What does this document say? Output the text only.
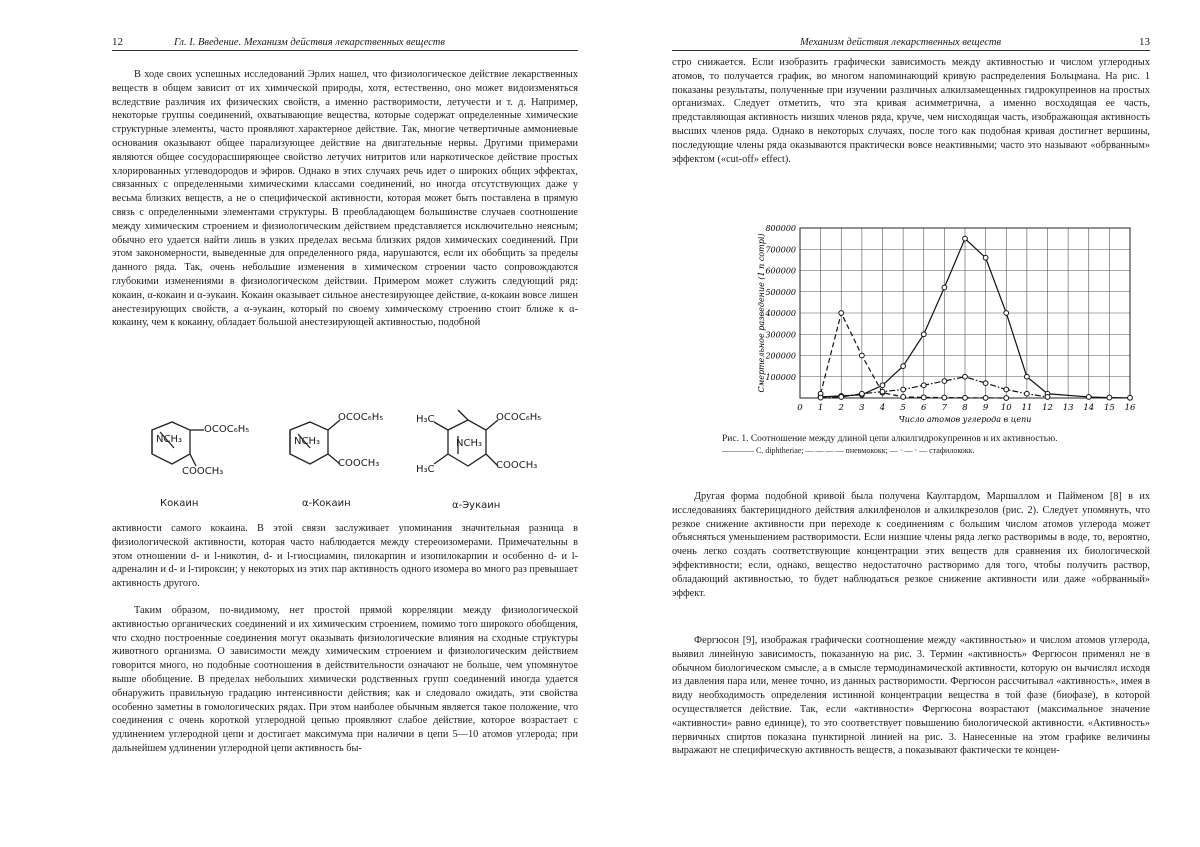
12	Гл. I. Введение. Механизм действия лекарственных веществ

В ходе своих успешных исследований Эрлих нашел, что физиологическое действие лекарственных веществ в общем зависит от их химической природы, хотя, естественно, оно может видоизменяться вследствие различия их физических свойств, а именно растворимости, летучести и т. д. Например, некоторые группы соединений, охватывающие вещества, которые содержат определенные химические структурные элементы, часто проявляют характерное действие. Так, многие четвертичные аммониевые основания оказывают общее парализующее действие на двигательные нервы. Другими примерами являются общее сосудорасширяющее свойство летучих нитритов или наркотическое действие простых хлорированных углеводородов и эфиров. Однако в этих случаях речь идет о широких общих эффектах, связанных с определенными химическими классами соединений, но иногда отсутствующих даже у весьма близких веществ, а не о специфической активности, которая может быть поставлена в прямую связь с определенными элементами структуры. В преобладающем большинстве случаев соотношение между химическим строением и физиологическим действием представляется исключительно неясным; обычно его удается найти лишь в узких пределах весьма близких рядов химических соединений. При этом закономерности, выведенные для определенного ряда, нарушаются, если их обобщить за пределы данного ряда. Так, очень небольшие изменения в химическом строении часто сопровождаются глубокими изменениями в физиологическом действии. Примером может служить следующий ряд: кокаин, α-кокаин и α-эукаин. Кокаин оказывает сильное анестезирующее действие, α-кокаин вовсе лишен анестезирующих свойств, а α-эукаин, который по своему химическому строению стоит ближе к α-кокаину, чем к кокаину, обладает большой анестезирующей активностью, подобной

NCH₃
OCOC₆H₅
COOCH₃
Кокаин
NCH₃
OCOC₆H₅
COOCH₃
α-Кокаин
H₃C
H₃C
NCH₃
OCOC₆H₅
COOCH₃
α-Эукаин

активности самого кокаина. В этой связи заслуживает упоминания значительная разница в физиологической активности, которая часто наблюдается между стереоизомерами. Примечательны в этом отношении d- и l-никотин, d- и l-гиосциамин, пилокарпин и изопилокарпин и особенно d- и l-адреналин и d- и l-тироксин; у некоторых из этих пар активность одного изомера во много раз превышает активность другого.

Таким образом, по-видимому, нет простой прямой корреляции между физиологической активностью органических соединений и их химическим строением, помимо того широкого обобщения, что сходно построенные соединения могут оказывать физиологические влияния на сходные структуры животного организма. О зависимости между химическим строением и физиологическим действием говорится много, но подобные соотношения в действительности означают не больше, чем упомянутое выше обобщение. В пределах небольших химически родственных групп соединений иногда удается обнаружить правильную градацию интенсивности действия; как и следовало ожидать, эти свойства особенно заметны в гомологических рядах. При этом наиболее обычным является такое положение, что соединения с очень короткой углеродной цепью проявляют слабое действие, которое возрастает с удлинением углеродной цепи и достигает максимума при наличии в цепи 5—10 атомов углерода; при дальнейшем удлинении углеродной цепи активность бы-

Механизм действия лекарственных веществ	13

стро снижается. Если изобразить графически зависимость между активностью и числом углеродных атомов, то получается график, во многом напоминающий кривую распределения Больцмана. На рис. 1 показаны результаты, полученные при изучении различных алкилзамещенных гидрокупреинов на простых организмах. Следует отметить, что эта кривая асимметрична, а именно восходящая ее часть, представляющая активность низших членов ряда, круче, чем нисходящая часть, изображающая активность высших членов ряда. Однако в некоторых случаях, после того как подобная кривая достигнет вершины, последующие члены ряда оказываются практически вовсе неактивными; часто это называют «обрванным» эффектом («cut-off» effect).

100000
200000
300000
400000
500000
600000
700000
800000
0 1 2 3 4 5 6 7 8 9 10 11 12 13 14 15 16
Число атомов углерода в цепи
Смертельное разведение (1 п сотрi)
Рис. 1. Соотношение между длиной цепи алкилгидрокупреинов и их активностью.
———— C. diphtheriae; — — — — пневмококк; — · — · — стафилококк.

Другая форма подобной кривой была получена Каултардом, Маршаллом и Пайменом [8] в их исследованиях бактерицидного действия алкилфенолов и алкилкрезолов (рис. 2). Следует упомянуть, что резкое снижение активности при переходе к соединениям с большим числом атомов углерода может объясняться уменьшением растворимости. Если низшие члены ряда легко растворимы в воде, то, вероятно, очень легко создать соответствующие концентрации этих веществ для сравнения их биологической эффективности; если, однако, вещество недостаточно растворимо для того, чтобы получить раствор, обладающий активностью, то будет наблюдаться резкое снижение активности или даже «обрванный» эффект.

Фергюсон [9], изображая графически соотношение между «активностью» и числом атомов углерода, выявил линейную зависимость, показанную на рис. 3. Термин «активность» Фергюсон применял не в обычном биологическом смысле, а в смысле термодинамической активности, которую он вычислял исходя из давления пара или, менее точно, из данных растворимости. Фергюсон рассчитывал «активность», имея в виду необходимость определения истинной концентрации вещества в той фазе (биофазе), в которой осуществляется действие. Так, если «активности» Фергюсона возрастают (максимальное значение «активности» равно единице), то это соответствует повышению биологической активности. «Активность» первичных спиртов показана пунктирной линией на рис. 3. Нанесенные на этом графике величины выражают не специфическую активность веществ, а показывают фактически те концен-
